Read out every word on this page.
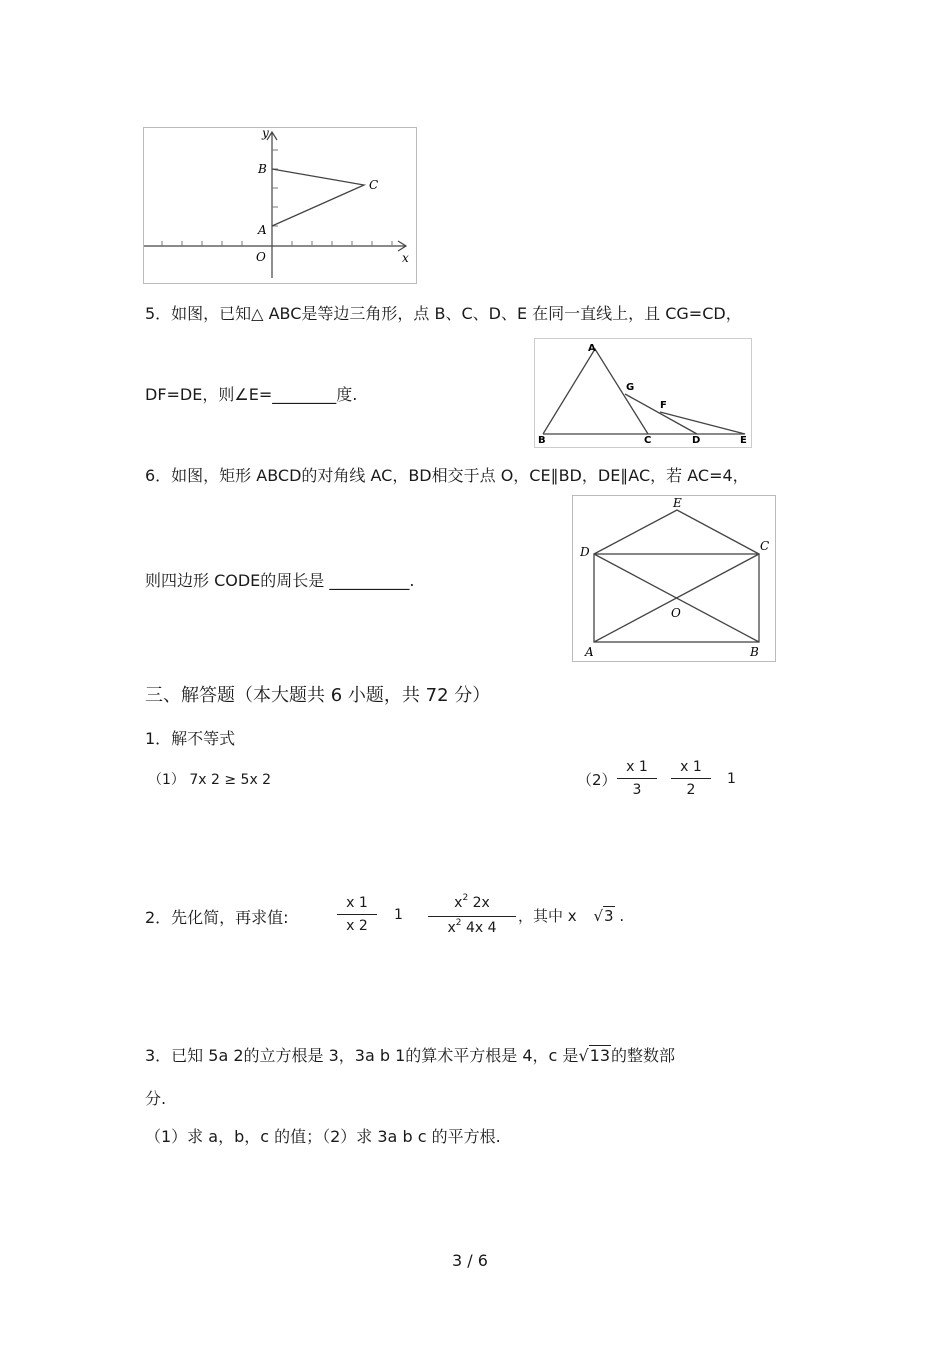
y
x
B
C
A
O
5．如图，已知△ ABC是等边三角形，点 B、C、D、E 在同一直线上，且 CG=CD，
DF=DE，则∠E=________度.
A
G
F
B	C	D	E
6．如图，矩形 ABCD的对角线 AC，BD相交于点 O，CE∥BD，DE∥AC，若 AC=4，
则四边形 CODE的周长是 __________.
E
D	C
O
A	B
三、解答题（本大题共 6 小题，共 72 分）
1．解不等式
（1） 7x 2 ≥ 5x 2	（2）
x 1
3
x 1
2
1
2．先化简，再求值:
x 1
x 2
1
$x^2$ 2x
$x^2$ 4x 4
，其中 x √3 .
3．已知 5a 2的立方根是 3，3a b 1的算术平方根是 4，c 是√13的整数部
分.
（1）求 a，b，c 的值；（2）求 3a b c 的平方根.
3 / 6
